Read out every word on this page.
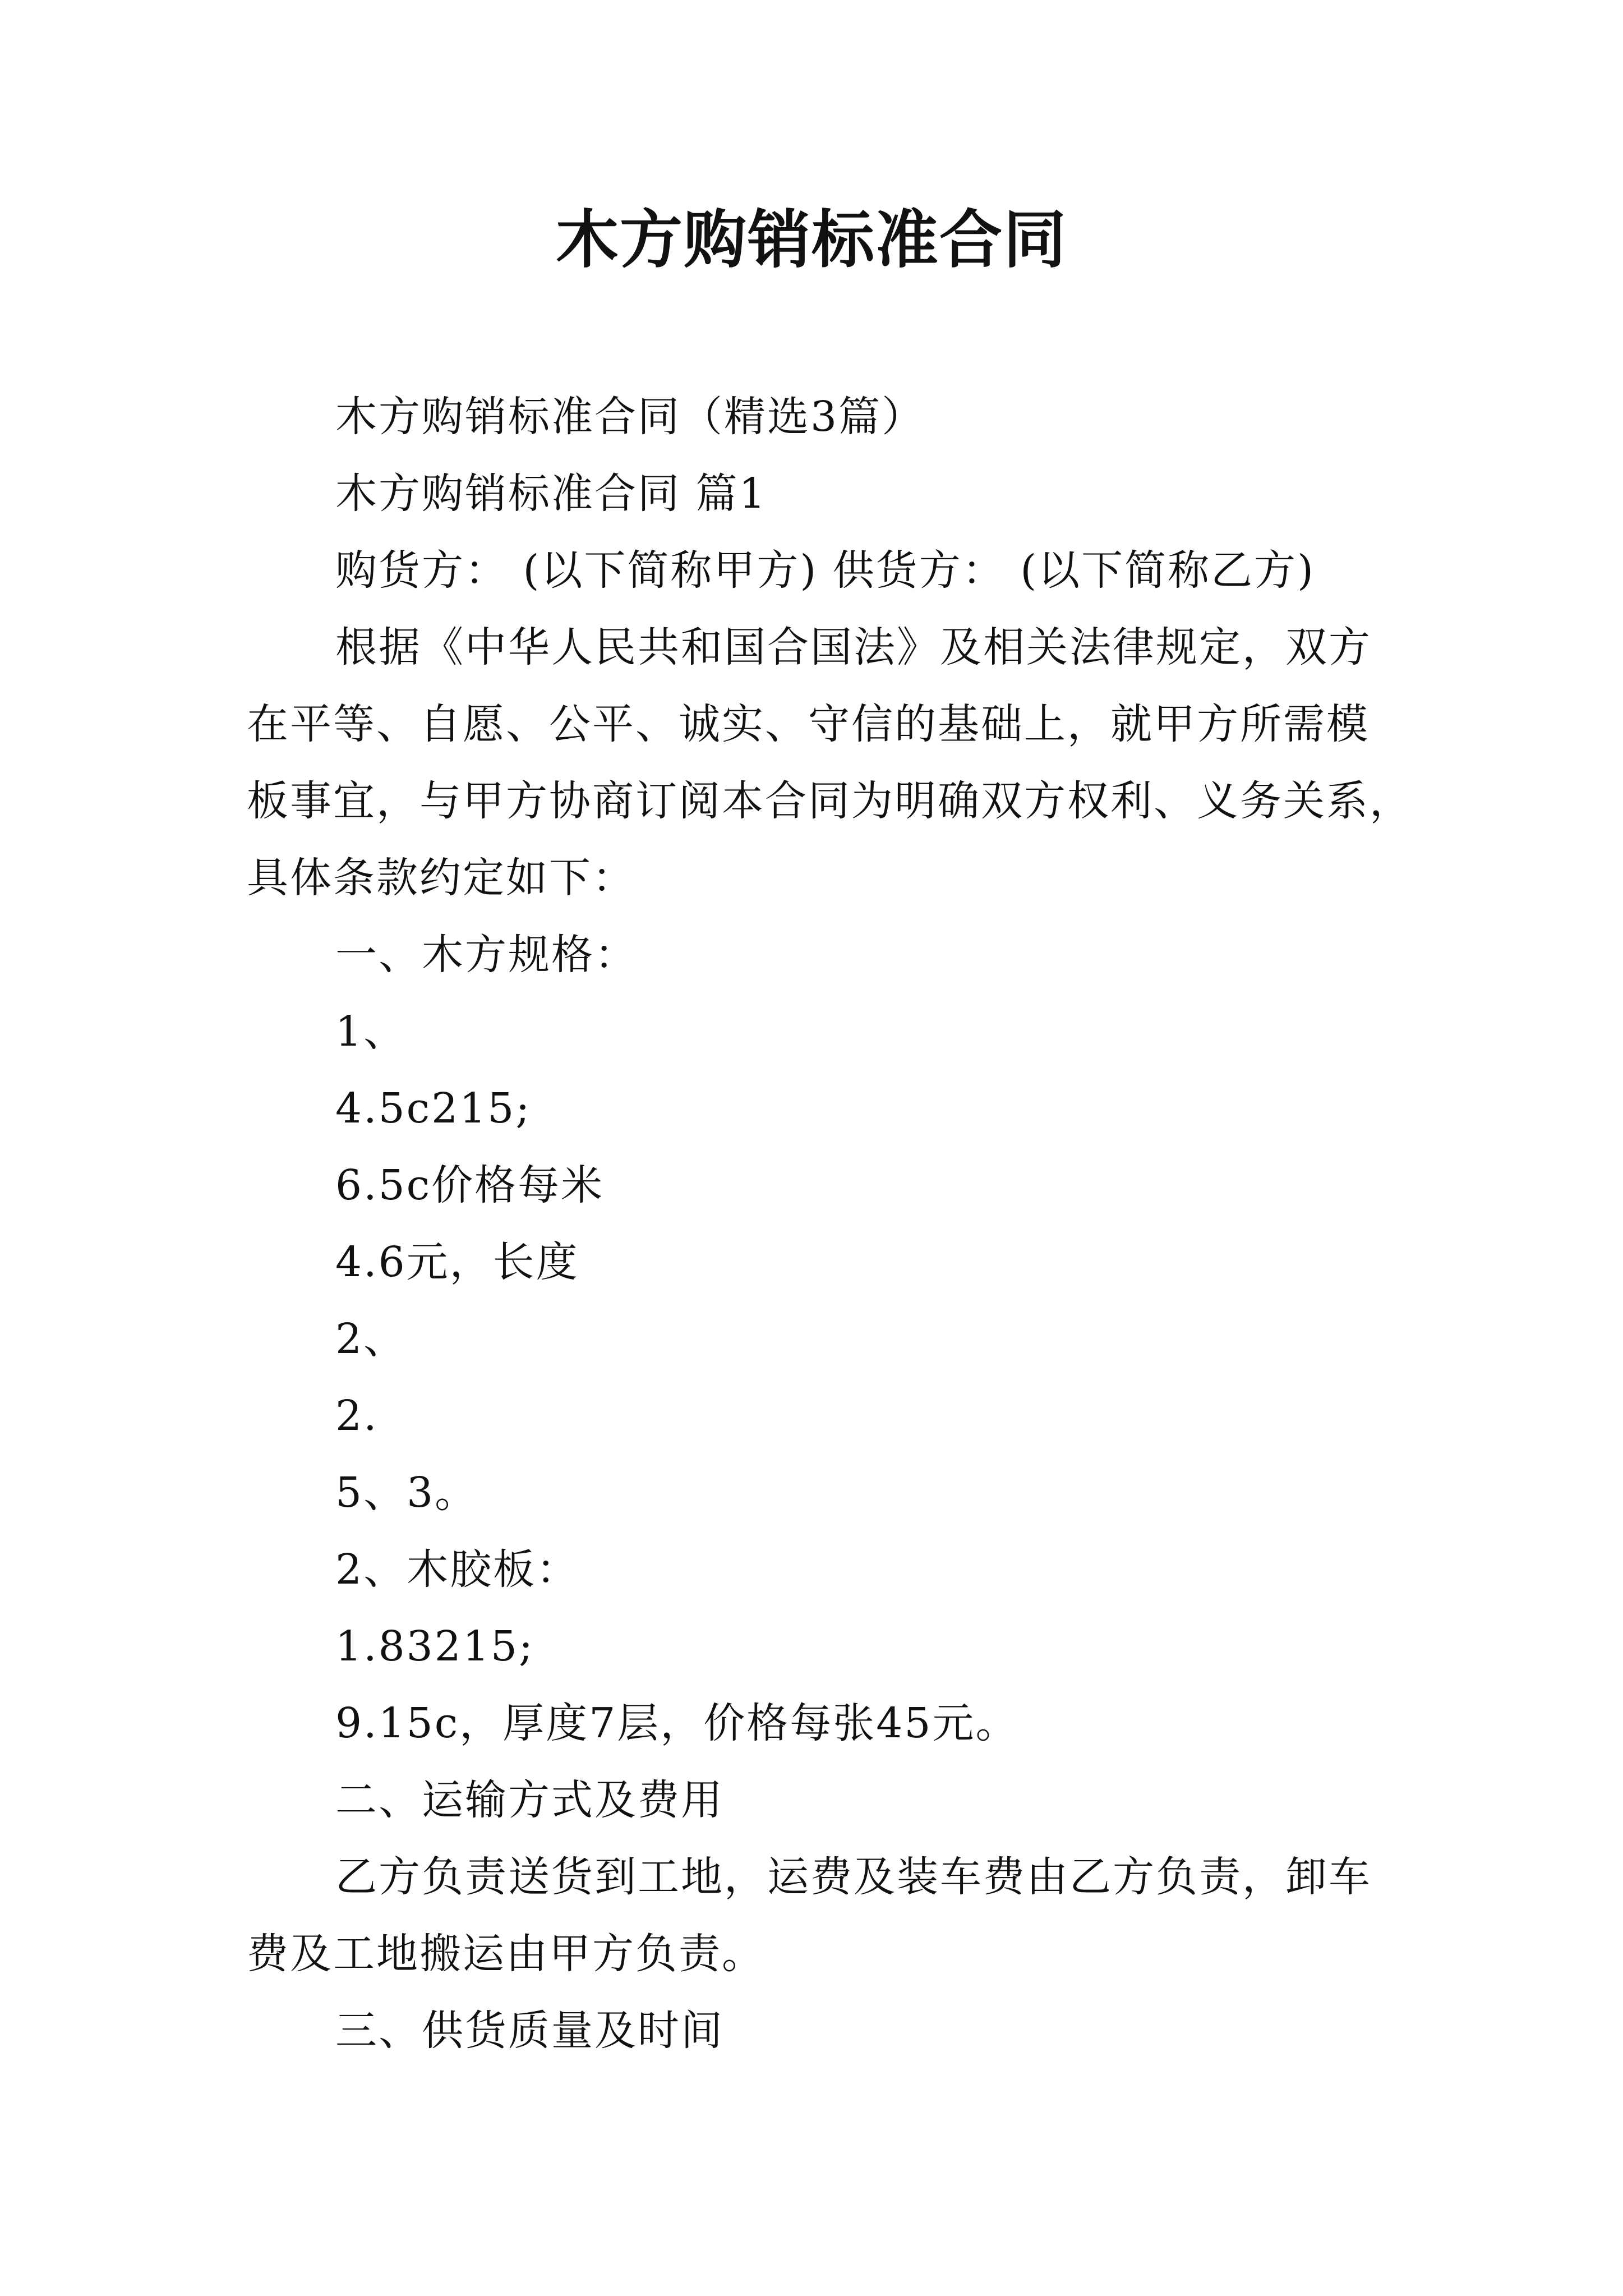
木方购销标准合同
木方购销标准合同（精选3篇）
木方购销标准合同 篇1
购货方： (以下简称甲方) 供货方： (以下简称乙方)
根据《中华人民共和国合国法》及相关法律规定，双方
在平等、自愿、公平、诚实、守信的基础上，就甲方所需模
板事宜，与甲方协商订阅本合同为明确双方权利、义务关系，
具体条款约定如下：
一、木方规格：
1、
4.5c215;
6.5c价格每米
4.6元，长度
2、
2.
5、3。
2、木胶板：
1.83215;
9.15c，厚度7层，价格每张45元。
二、运输方式及费用
乙方负责送货到工地，运费及装车费由乙方负责，卸车
费及工地搬运由甲方负责。
三、供货质量及时间
